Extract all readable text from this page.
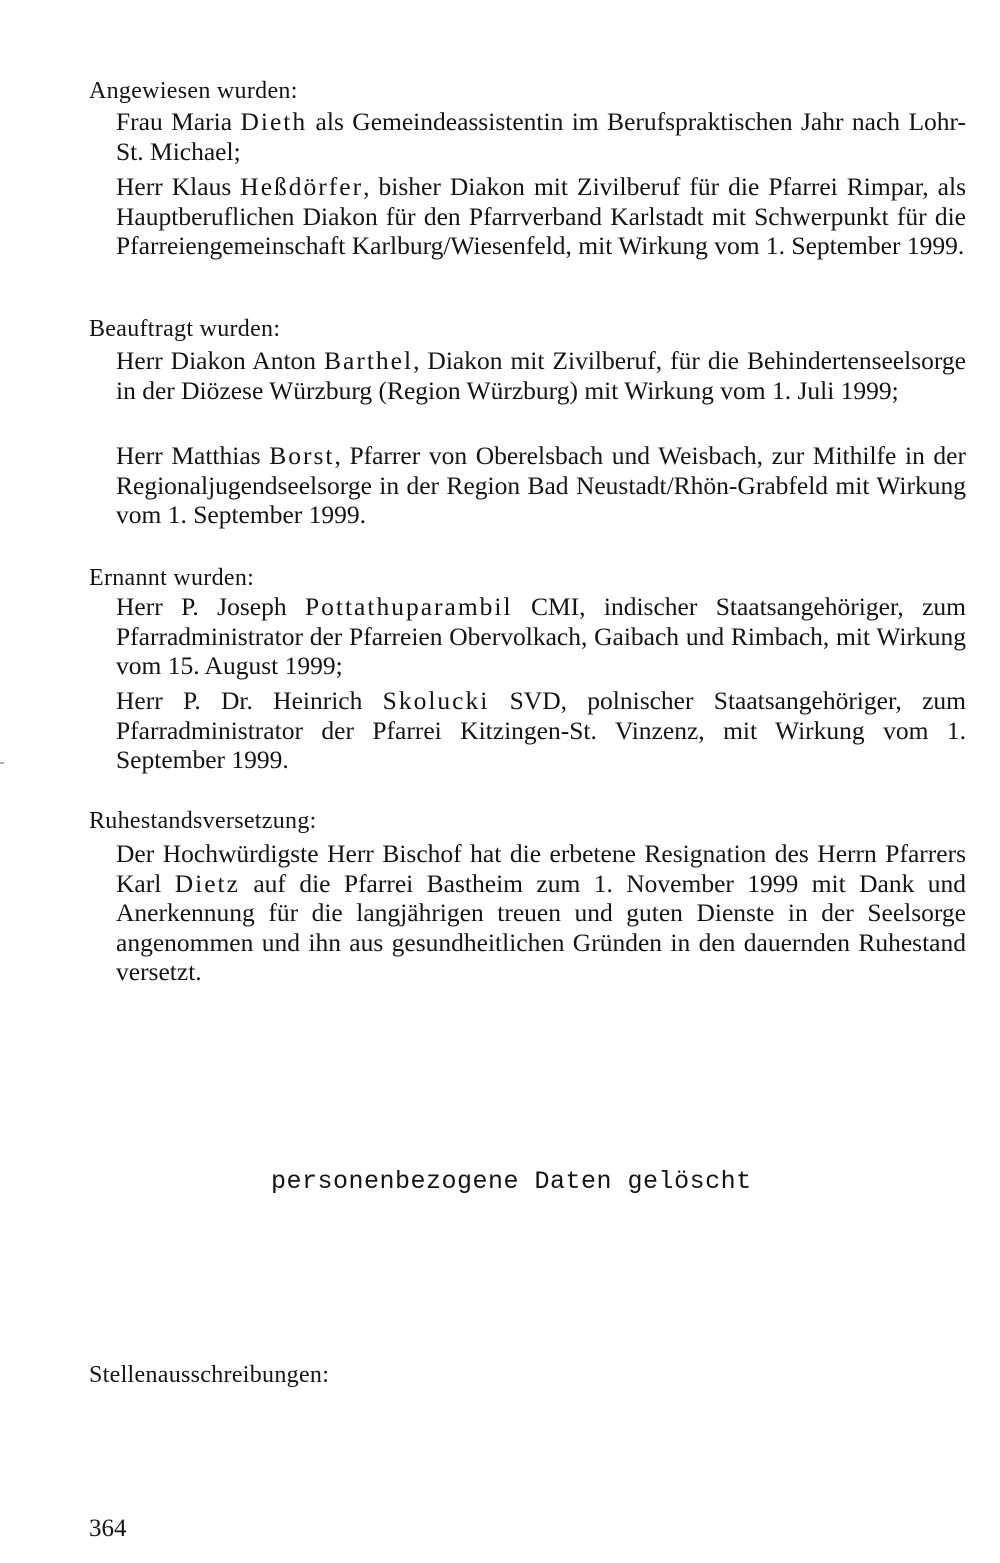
Angewiesen wurden:

Frau Maria Dieth als Gemeindeassistentin im Berufspraktischen Jahr nach Lohr-St. Michael;

Herr Klaus Heßdörfer, bisher Diakon mit Zivilberuf für die Pfarrei Rimpar, als Hauptberuflichen Diakon für den Pfarrverband Karlstadt mit Schwerpunkt für die Pfarreiengemeinschaft Karlburg/Wiesenfeld, mit Wirkung vom 1. September 1999.

Beauftragt wurden:

Herr Diakon Anton Barthel, Diakon mit Zivilberuf, für die Behindertenseelsorge in der Diözese Würzburg (Region Würzburg) mit Wirkung vom 1. Juli 1999;

Herr Matthias Borst, Pfarrer von Oberelsbach und Weisbach, zur Mithilfe in der Regionaljugendseelsorge in der Region Bad Neustadt/Rhön-Grabfeld mit Wirkung vom 1. September 1999.

Ernannt wurden:

Herr P. Joseph Pottathuparambil CMI, indischer Staatsangehöriger, zum Pfarradministrator der Pfarreien Obervolkach, Gaibach und Rimbach, mit Wirkung vom 15. August 1999;

Herr P. Dr. Heinrich Skolucki SVD, polnischer Staatsangehöriger, zum Pfarradministrator der Pfarrei Kitzingen-St. Vinzenz, mit Wirkung vom 1. September 1999.

Ruhestandsversetzung:

Der Hochwürdigste Herr Bischof hat die erbetene Resignation des Herrn Pfarrers Karl Dietz auf die Pfarrei Bastheim zum 1. November 1999 mit Dank und Anerkennung für die langjährigen treuen und guten Dienste in der Seelsorge angenommen und ihn aus gesundheitlichen Gründen in den dauernden Ruhestand versetzt.

personenbezogene Daten gelöscht

Stellenausschreibungen:

364
